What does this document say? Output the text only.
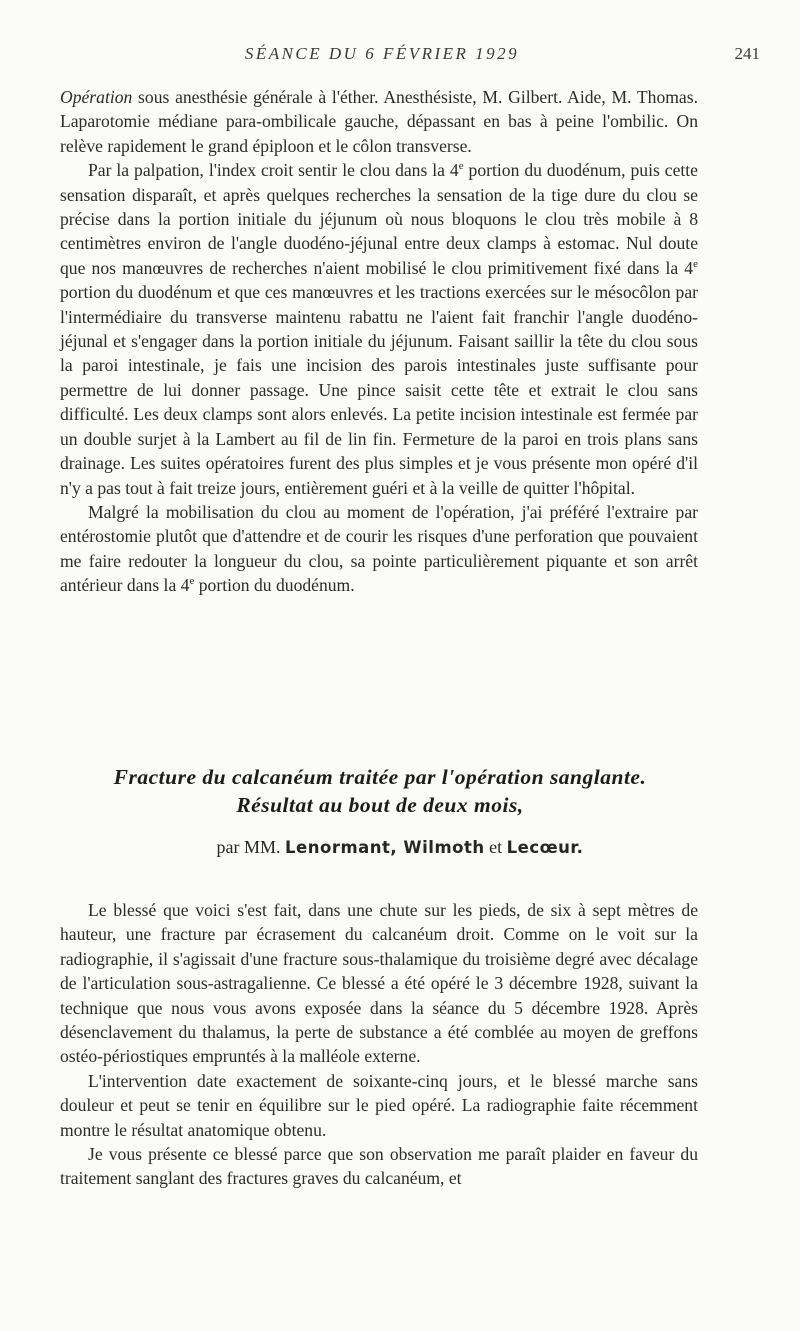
SÉANCE DU 6 FÉVRIER 1929	241

Opération sous anesthésie générale à l'éther. Anesthésiste, M. Gilbert. Aide, M. Thomas. Laparotomie médiane para-ombilicale gauche, dépassant en bas à peine l'ombilic. On relève rapidement le grand épiploon et le côlon transverse.

Par la palpation, l'index croit sentir le clou dans la 4e portion du duodénum, puis cette sensation disparaît, et après quelques recherches la sensation de la tige dure du clou se précise dans la portion initiale du jéjunum où nous bloquons le clou très mobile à 8 centimètres environ de l'angle duodéno-jéjunal entre deux clamps à estomac. Nul doute que nos manœuvres de recherches n'aient mobilisé le clou primitivement fixé dans la 4e portion du duodénum et que ces manœuvres et les tractions exercées sur le mésocôlon par l'intermédiaire du transverse maintenu rabattu ne l'aient fait franchir l'angle duodéno-jéjunal et s'engager dans la portion initiale du jéjunum. Faisant saillir la tête du clou sous la paroi intestinale, je fais une incision des parois intestinales juste suffisante pour permettre de lui donner passage. Une pince saisit cette tête et extrait le clou sans difficulté. Les deux clamps sont alors enlevés. La petite incision intestinale est fermée par un double surjet à la Lambert au fil de lin fin. Fermeture de la paroi en trois plans sans drainage. Les suites opératoires furent des plus simples et je vous présente mon opéré d'il n'y a pas tout à fait treize jours, entièrement guéri et à la veille de quitter l'hôpital.

Malgré la mobilisation du clou au moment de l'opération, j'ai préféré l'extraire par entérostomie plutôt que d'attendre et de courir les risques d'une perforation que pouvaient me faire redouter la longueur du clou, sa pointe particulièrement piquante et son arrêt antérieur dans la 4e portion du duodénum.

Fracture du calcanéum traitée par l'opération sanglante.
Résultat au bout de deux mois,
par MM. Lenormant, Wilmoth et Lecœur.

Le blessé que voici s'est fait, dans une chute sur les pieds, de six à sept mètres de hauteur, une fracture par écrasement du calcanéum droit. Comme on le voit sur la radiographie, il s'agissait d'une fracture sous-thalamique du troisième degré avec décalage de l'articulation sous-astragalienne. Ce blessé a été opéré le 3 décembre 1928, suivant la technique que nous vous avons exposée dans la séance du 5 décembre 1928. Après désenclavement du thalamus, la perte de substance a été comblée au moyen de greffons ostéo-périostiques empruntés à la malléole externe.

L'intervention date exactement de soixante-cinq jours, et le blessé marche sans douleur et peut se tenir en équilibre sur le pied opéré. La radiographie faite récemment montre le résultat anatomique obtenu.

Je vous présente ce blessé parce que son observation me paraît plaider en faveur du traitement sanglant des fractures graves du calcanéum, et
